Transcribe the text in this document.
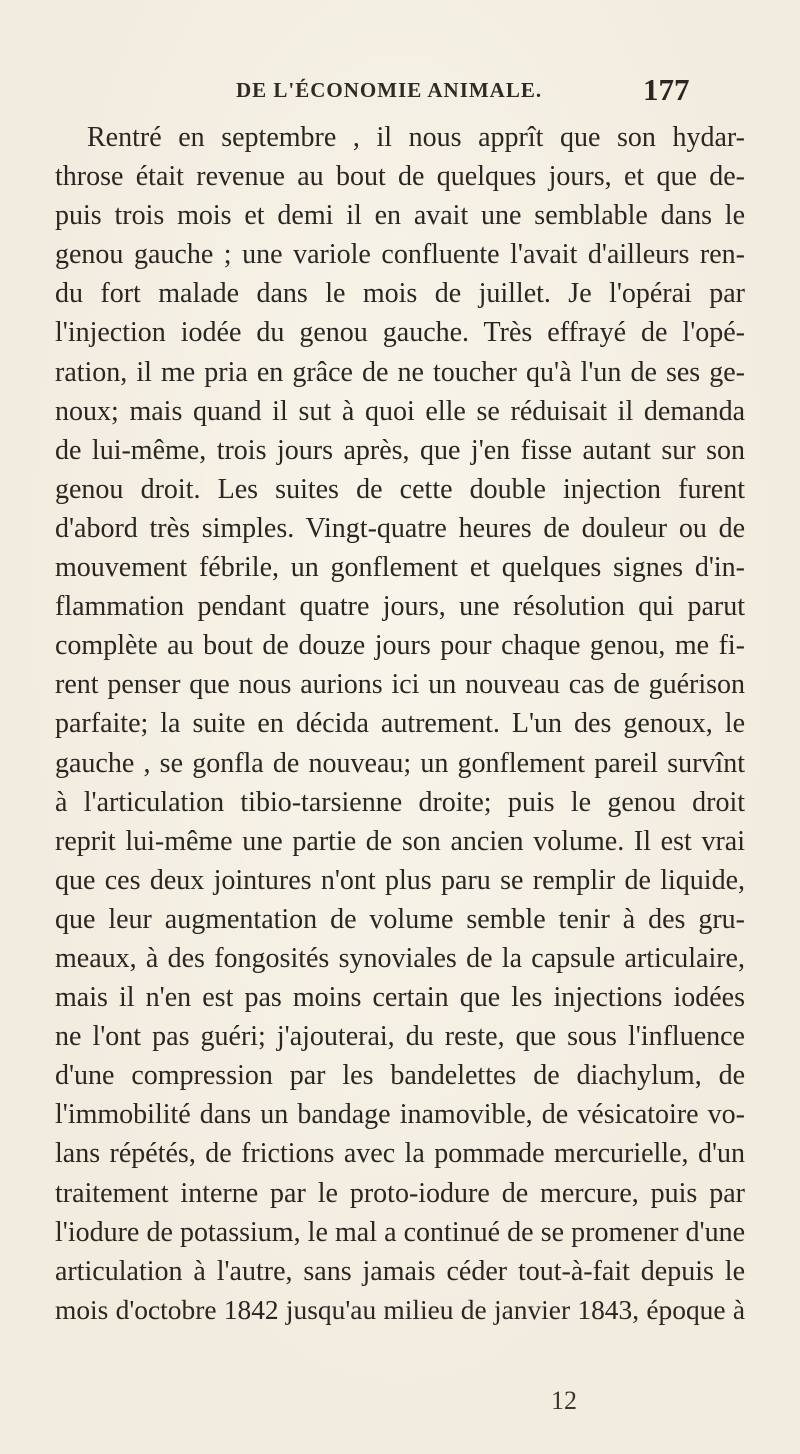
DE L'ÉCONOMIE ANIMALE.	177
Rentré en septembre , il nous apprît que son hydar-
throse était revenue au bout de quelques jours, et que de-
puis trois mois et demi il en avait une semblable dans le
genou gauche ; une variole confluente l'avait d'ailleurs ren-
du fort malade dans le mois de juillet. Je l'opérai par
l'injection iodée du genou gauche. Très effrayé de l'opé-
ration, il me pria en grâce de ne toucher qu'à l'un de ses ge-
noux; mais quand il sut à quoi elle se réduisait il demanda
de lui-même, trois jours après, que j'en fisse autant sur son
genou droit. Les suites de cette double injection furent
d'abord très simples. Vingt-quatre heures de douleur ou de
mouvement fébrile, un gonflement et quelques signes d'in-
flammation pendant quatre jours, une résolution qui parut
complète au bout de douze jours pour chaque genou, me fi-
rent penser que nous aurions ici un nouveau cas de guérison
parfaite; la suite en décida autrement. L'un des genoux, le
gauche , se gonfla de nouveau; un gonflement pareil survînt
à l'articulation tibio-tarsienne droite; puis le genou droit
reprit lui-même une partie de son ancien volume. Il est vrai
que ces deux jointures n'ont plus paru se remplir de liquide,
que leur augmentation de volume semble tenir à des gru-
meaux, à des fongosités synoviales de la capsule articulaire,
mais il n'en est pas moins certain que les injections iodées
ne l'ont pas guéri; j'ajouterai, du reste, que sous l'influence
d'une compression par les bandelettes de diachylum, de
l'immobilité dans un bandage inamovible, de vésicatoire vo-
lans répétés, de frictions avec la pommade mercurielle, d'un
traitement interne par le proto-iodure de mercure, puis par
l'iodure de potassium, le mal a continué de se promener d'une
articulation à l'autre, sans jamais céder tout-à-fait depuis le
mois d'octobre 1842 jusqu'au milieu de janvier 1843, époque à
12
